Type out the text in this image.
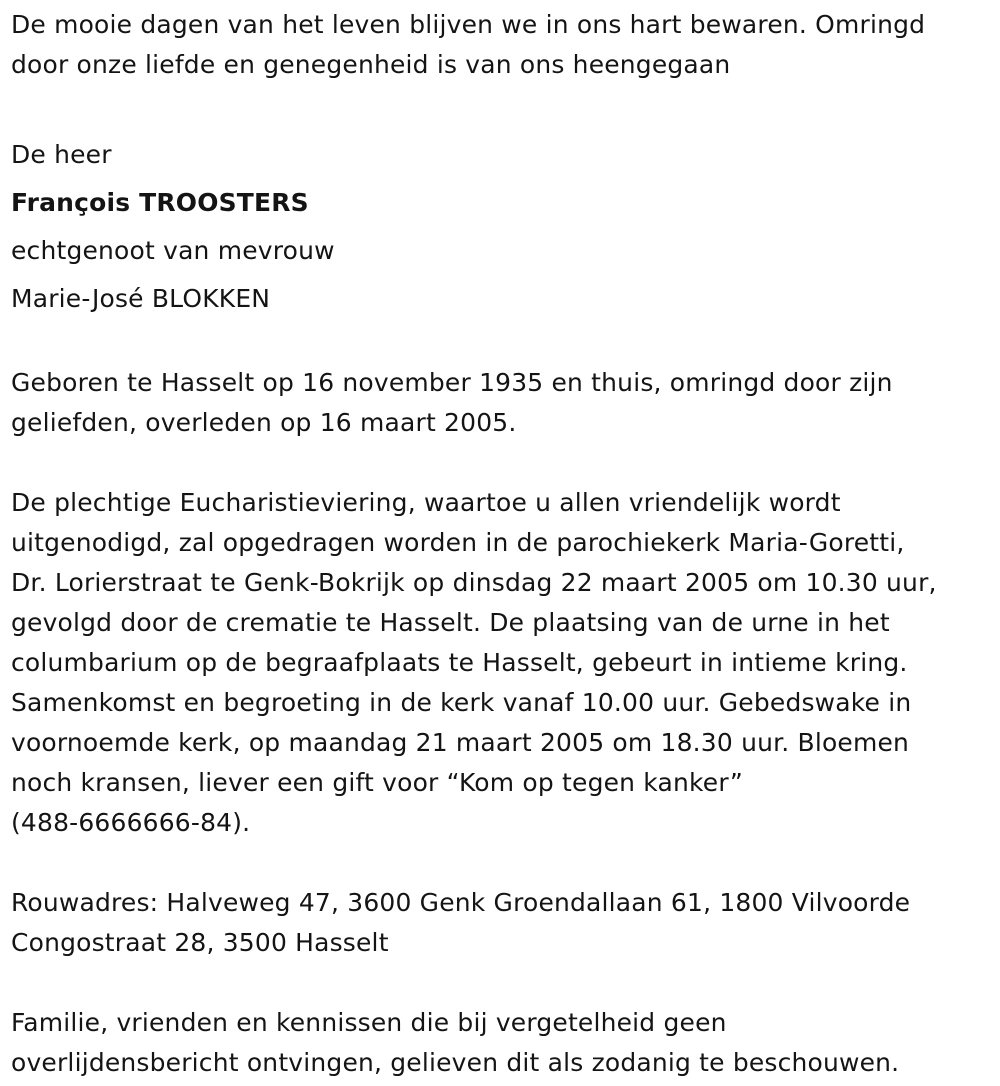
De mooie dagen van het leven blijven we in ons hart bewaren. Omringd
door onze liefde en genegenheid is van ons heengegaan

De heer
François TROOSTERS
echtgenoot van mevrouw
Marie-José BLOKKEN

Geboren te Hasselt op 16 november 1935 en thuis, omringd door zijn
geliefden, overleden op 16 maart 2005.

De plechtige Eucharistieviering, waartoe u allen vriendelijk wordt
uitgenodigd, zal opgedragen worden in de parochiekerk Maria-Goretti,
Dr. Lorierstraat te Genk-Bokrijk op dinsdag 22 maart 2005 om 10.30 uur,
gevolgd door de crematie te Hasselt. De plaatsing van de urne in het
columbarium op de begraafplaats te Hasselt, gebeurt in intieme kring.
Samenkomst en begroeting in de kerk vanaf 10.00 uur. Gebedswake in
voornoemde kerk, op maandag 21 maart 2005 om 18.30 uur. Bloemen
noch kransen, liever een gift voor “Kom op tegen kanker”
(488-6666666-84).

Rouwadres: Halveweg 47, 3600 Genk Groendallaan 61, 1800 Vilvoorde
Congostraat 28, 3500 Hasselt

Familie, vrienden en kennissen die bij vergetelheid geen
overlijdensbericht ontvingen, gelieven dit als zodanig te beschouwen.
